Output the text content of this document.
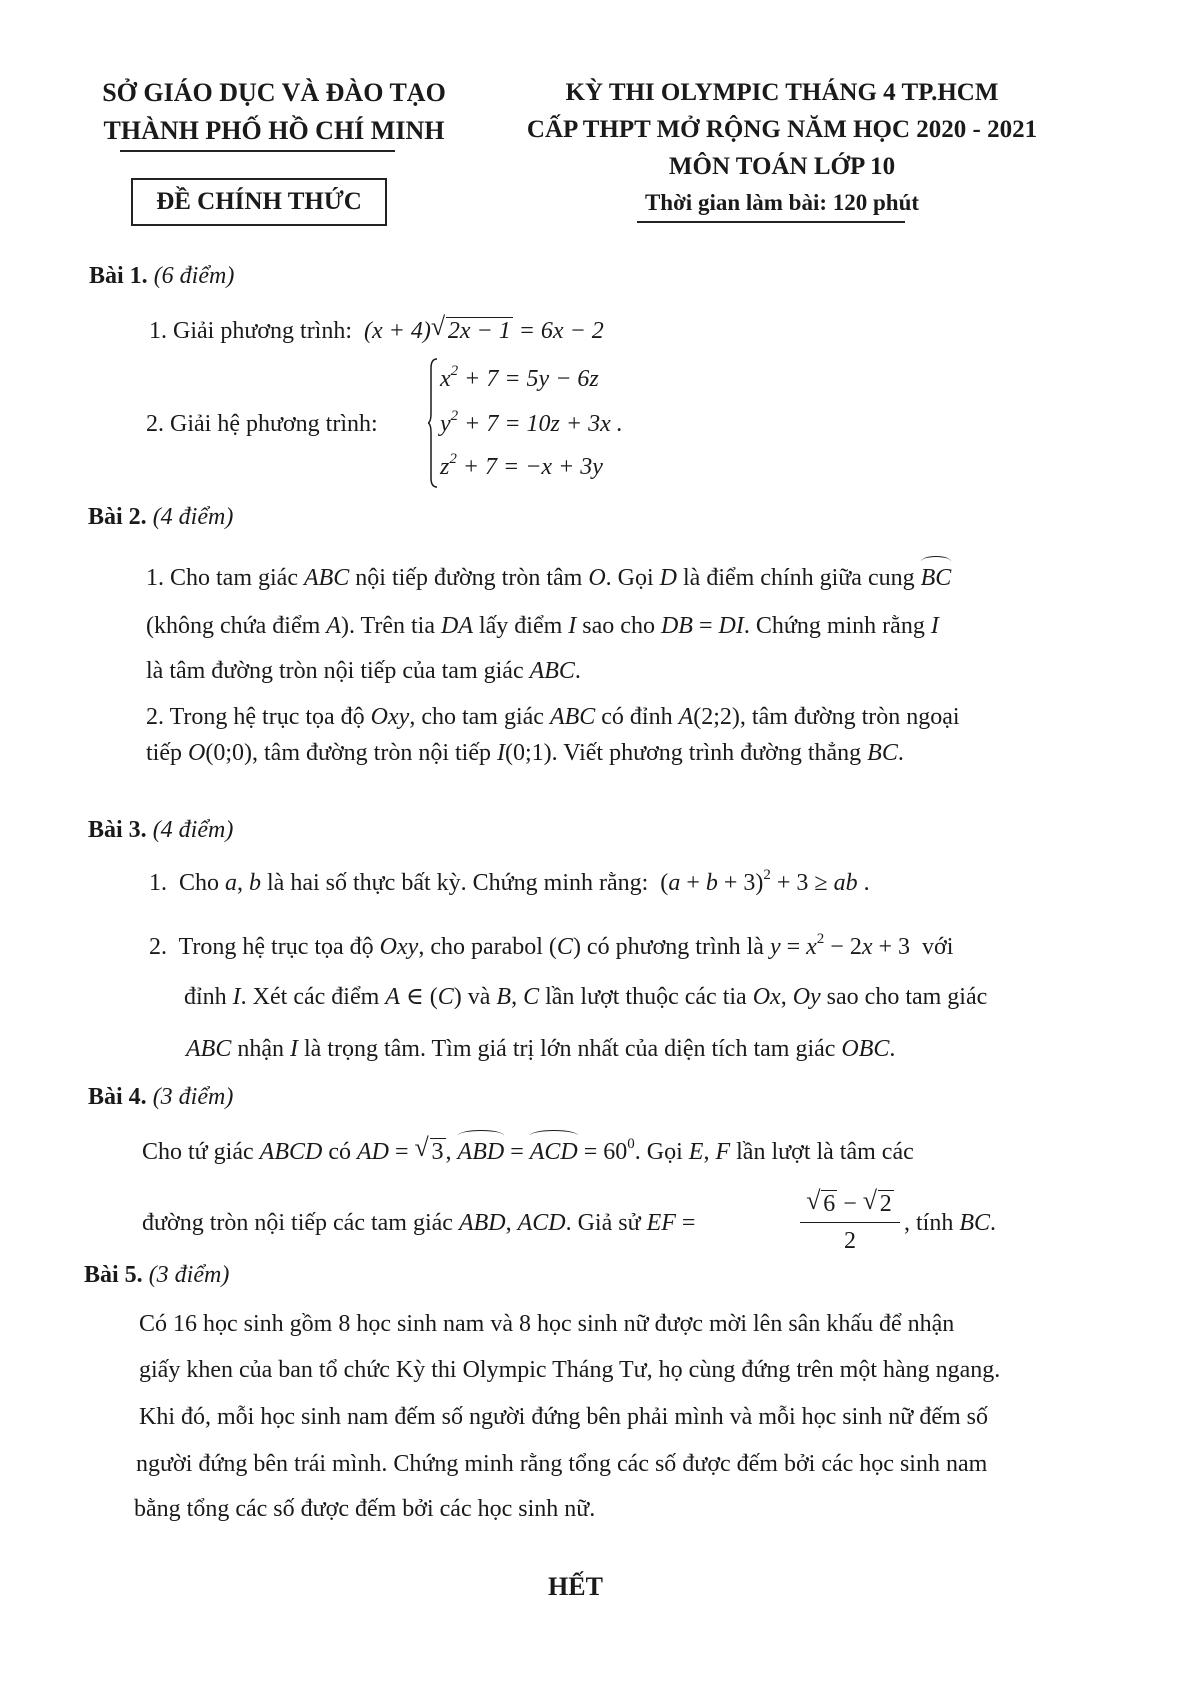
SỞ GIÁO DỤC VÀ ĐÀO TẠO
THÀNH PHỐ HỒ CHÍ MINH
ĐỀ CHÍNH THỨC
KỲ THI OLYMPIC THÁNG 4 TP.HCM
CẤP THPT MỞ RỘNG NĂM HỌC 2020 - 2021
MÔN TOÁN LỚP 10
Thời gian làm bài: 120 phút
Bài 1. (6 điểm)
1. Giải phương trình:  (x + 4) √ 2x − 1 = 6x − 2
2. Giải hệ phương trình:
$x^2 + 7 = 5y - 6z$
$y^2 + 7 = 10z + 3x$ .
$z^2 + 7 = -x + 3y$
Bài 2. (4 điểm)
1. Cho tam giác ABC nội tiếp đường tròn tâm O. Gọi D là điểm chính giữa cung BC
(không chứa điểm A). Trên tia DA lấy điểm I sao cho DB = DI. Chứng minh rằng I
là tâm đường tròn nội tiếp của tam giác ABC.
2. Trong hệ trục tọa độ Oxy, cho tam giác ABC có đỉnh A(2;2), tâm đường tròn ngoại
tiếp O(0;0), tâm đường tròn nội tiếp I(0;1). Viết phương trình đường thẳng BC.
Bài 3. (4 điểm)
1.  Cho a, b là hai số thực bất kỳ. Chứng minh rằng:  $(a + b + 3)^2 + 3$ ≥ ab .
2.  Trong hệ trục tọa độ Oxy, cho parabol (C) có phương trình là $y = x^2 - 2x + 3$  với
đỉnh I. Xét các điểm A ∈ (C) và B, C lần lượt thuộc các tia Ox, Oy sao cho tam giác
ABC nhận I là trọng tâm. Tìm giá trị lớn nhất của diện tích tam giác OBC.
Bài 4. (3 điểm)
Cho tứ giác ABCD có AD = √ 3, ABD = ACD = $60^0$. Gọi E, F lần lượt là tâm các
đường tròn nội tiếp các tam giác ABD, ACD. Giả sử EF =
√ 6 − √ 2
2
, tính BC.
Bài 5. (3 điểm)
Có 16 học sinh gồm 8 học sinh nam và 8 học sinh nữ được mời lên sân khấu để nhận
giấy khen của ban tổ chức Kỳ thi Olympic Tháng Tư, họ cùng đứng trên một hàng ngang.
Khi đó, mỗi học sinh nam đếm số người đứng bên phải mình và mỗi học sinh nữ đếm số
người đứng bên trái mình. Chứng minh rằng tổng các số được đếm bởi các học sinh nam
bằng tổng các số được đếm bởi các học sinh nữ.
HẾT
